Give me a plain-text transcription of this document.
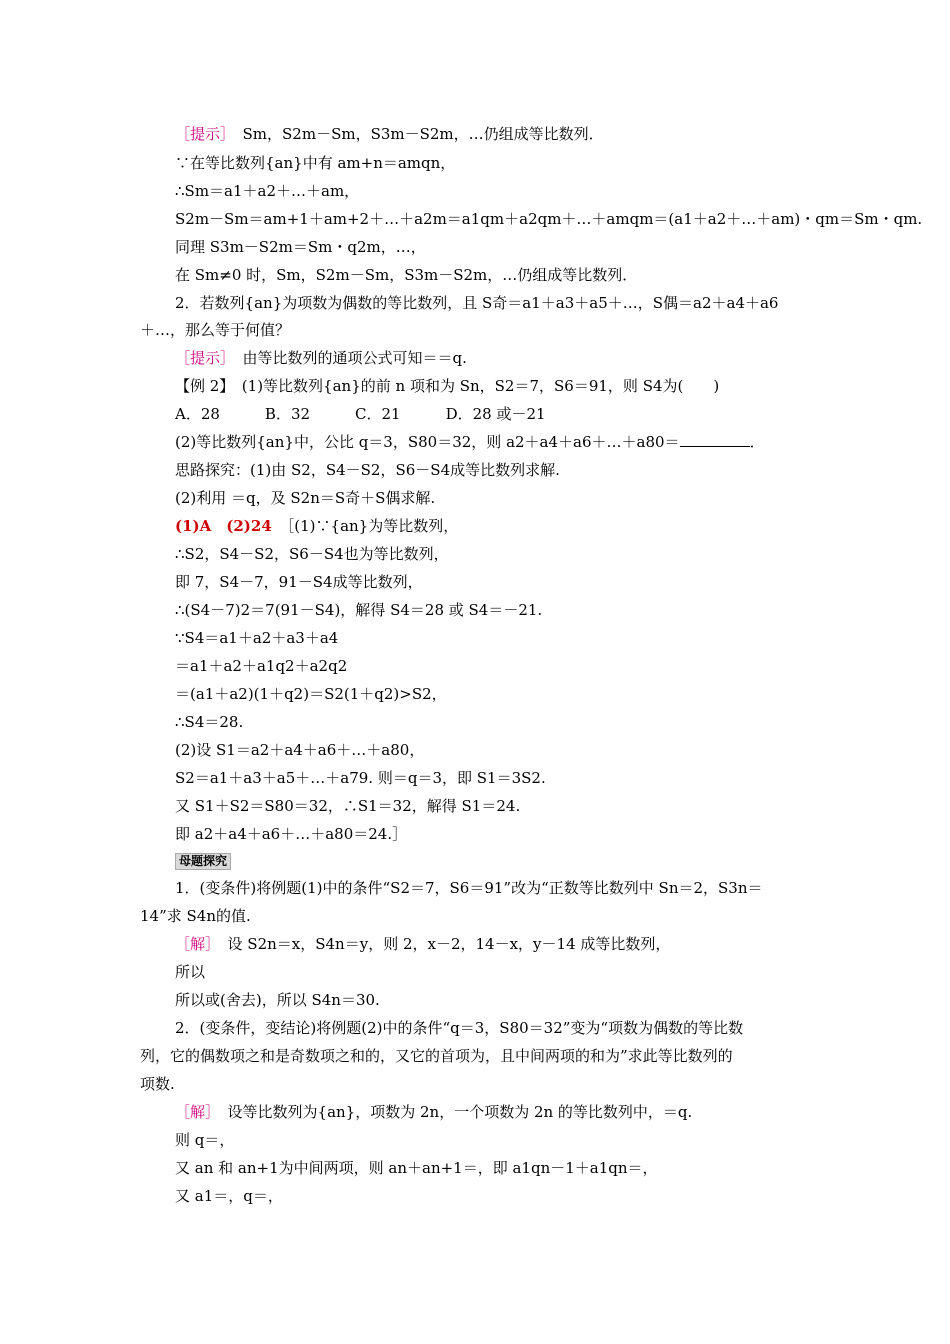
［提示］　 Sm，S2m－Sm，S3m－S2m，…仍组成等比数列．
∵在等比数列{an}中有 am+n＝amqn，
∴Sm＝a1＋a2＋…＋am，
S2m－Sm＝am+1＋am+2＋…＋a2m＝a1qm＋a2qm＋…＋amqm＝(a1＋a2＋…＋am)・qm＝Sm・qm.
同理 S3m－S2m＝Sm・q2m，…，
在 Sm≠0 时，Sm，S2m－Sm，S3m－S2m，…仍组成等比数列．
2．若数列{an}为项数为偶数的等比数列，且 S奇＝a1＋a3＋a5＋…，S偶＝a2＋a4＋a6
＋…，那么等于何值？
［提示］　 由等比数列的通项公式可知＝＝q.
【例 2】　(1)等比数列{an}的前 n 项和为 Sn，S2＝7，S6＝91，则 S4为(　　)
A．28　　　B．32　　　C．21　　　D．28 或－21
(2)等比数列{an}中，公比 q＝3，S80＝32，则 a2＋a4＋a6＋…＋a80＝	．
思路探究：(1)由 S2，S4－S2，S6－S4成等比数列求解.
(2)利用 ＝q，及 S2n＝S奇＋S偶求解.
(1)A　(2)24　［(1)∵{an}为等比数列，
∴S2，S4－S2，S6－S4也为等比数列，
即 7，S4－7，91－S4成等比数列，
∴(S4－7)2＝7(91－S4)，解得 S4＝28 或 S4＝－21.
∵S4＝a1＋a2＋a3＋a4
＝a1＋a2＋a1q2＋a2q2
＝(a1＋a2)(1＋q2)＝S2(1＋q2)>S2，
∴S4＝28.
(2)设 S1＝a2＋a4＋a6＋…＋a80，
S2＝a1＋a3＋a5＋…＋a79. 则＝q＝3，即 S1＝3S2.
又 S1＋S2＝S80＝32，∴S1＝32，解得 S1＝24.
即 a2＋a4＋a6＋…＋a80＝24.］
母题探究
1．(变条件)将例题(1)中的条件“S2＝7，S6＝91”改为“正数等比数列中 Sn＝2，S3n＝
14”求 S4n的值.
［解］　 设 S2n＝x，S4n＝y，则 2，x－2，14－x，y－14 成等比数列，
所以
所以或(舍去)，所以 S4n＝30.
2．(变条件，变结论)将例题(2)中的条件“q＝3，S80＝32”变为“项数为偶数的等比数
列，它的偶数项之和是奇数项之和的，又它的首项为，且中间两项的和为”求此等比数列的
项数.
［解］　 设等比数列为{an}，项数为 2n，一个项数为 2n 的等比数列中，＝q.
则 q＝，
又 an 和 an+1为中间两项，则 an＋an+1＝，即 a1qn－1＋a1qn＝，
又 a1＝，q＝，
